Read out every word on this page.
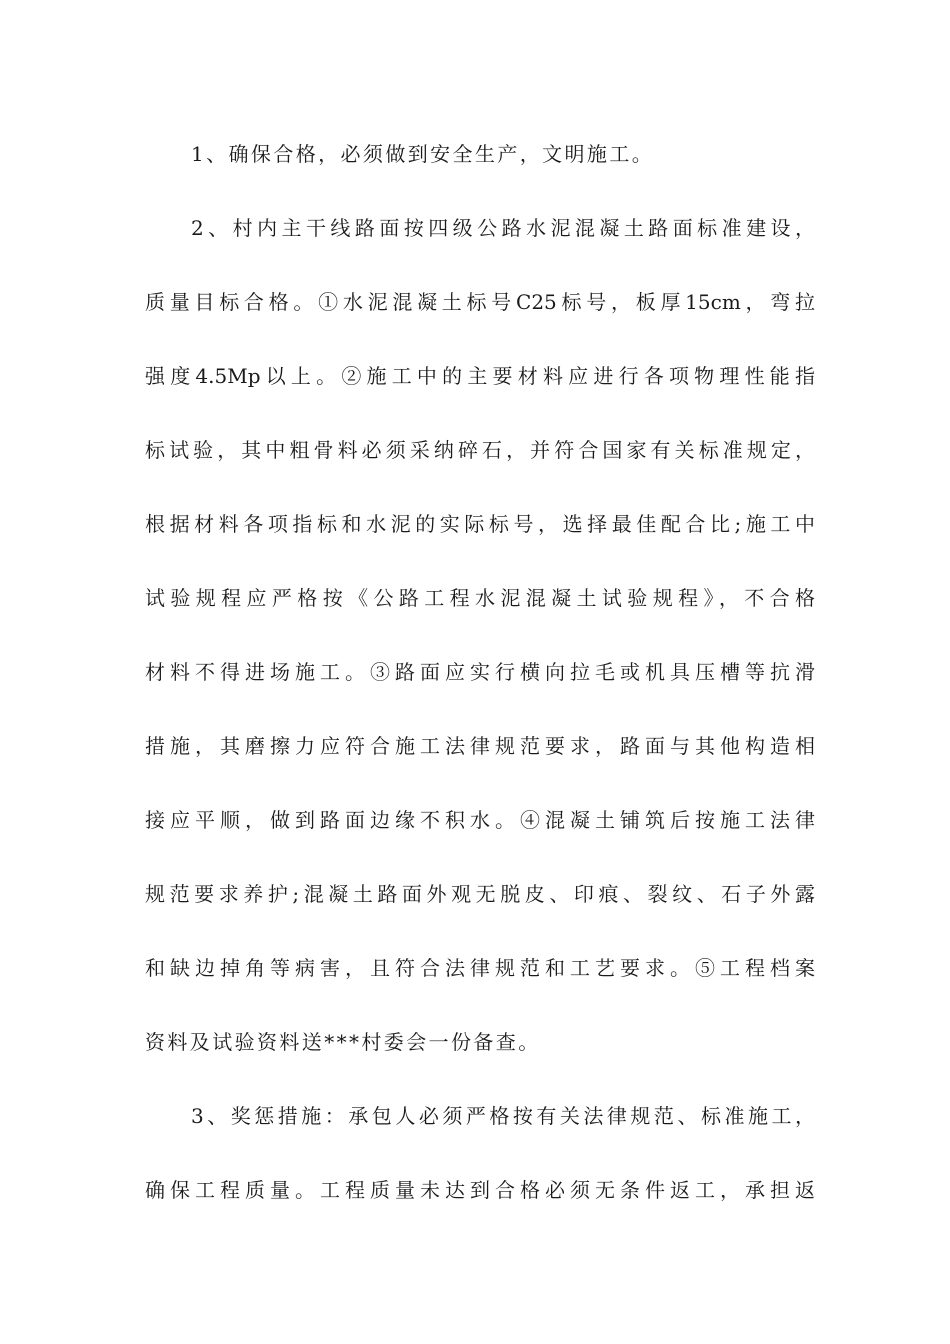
1、确保合格，必须做到安全生产，文明施工。
2、村内主干线路面按四级公路水泥混凝土路面标准建设，
质量目标合格。①水泥混凝土标号C25标号，板厚15cm，弯拉
强度4.5Mp以上。②施工中的主要材料应进行各项物理性能指
标试验，其中粗骨料必须采纳碎石，并符合国家有关标准规定，
根据材料各项指标和水泥的实际标号，选择最佳配合比;施工中
试验规程应严格按《公路工程水泥混凝土试验规程》，不合格
材料不得进场施工。③路面应实行横向拉毛或机具压槽等抗滑
措施，其磨擦力应符合施工法律规范要求，路面与其他构造相
接应平顺，做到路面边缘不积水。④混凝土铺筑后按施工法律
规范要求养护;混凝土路面外观无脱皮、印痕、裂纹、石子外露
和缺边掉角等病害，且符合法律规范和工艺要求。⑤工程档案
资料及试验资料送***村委会一份备查。
3、奖惩措施：承包人必须严格按有关法律规范、标准施工，
确保工程质量。工程质量未达到合格必须无条件返工，承担返
